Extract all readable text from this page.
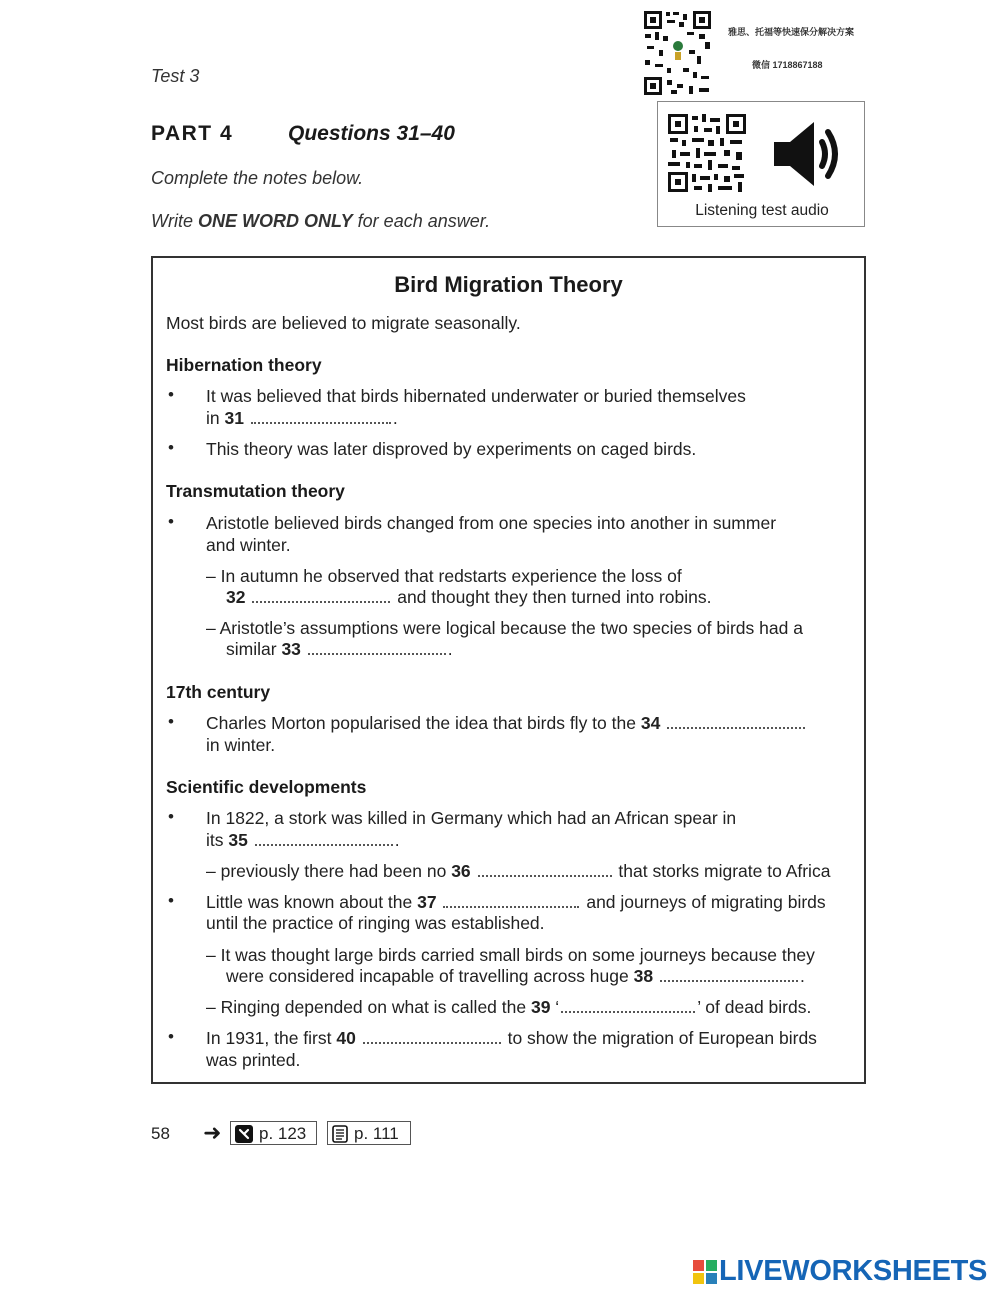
Test 3
PART 4	Questions 31–40
Complete the notes below.
Write ONE WORD ONLY for each answer.
雅思、托福等快速保分解决方案
微信 1718867188
Listening test audio
Bird Migration Theory
Most birds are believed to migrate seasonally.
Hibernation theory
• It was believed that birds hibernated underwater or buried themselves
in 31	.
• This theory was later disproved by experiments on caged birds.
Transmutation theory
• Aristotle believed birds changed from one species into another in summer
and winter.
– In autumn he observed that redstarts experience the loss of
32	and thought they then turned into robins.
– Aristotle’s assumptions were logical because the two species of birds had a
similar 33	.
17th century
• Charles Morton popularised the idea that birds fly to the 34
in winter.
Scientific developments
• In 1822, a stork was killed in Germany which had an African spear in
its 35	.
– previously there had been no 36	that storks migrate to Africa
• Little was known about the 37	and journeys of migrating birds
until the practice of ringing was established.
– It was thought large birds carried small birds on some journeys because they
were considered incapable of travelling across huge 38	.
– Ringing depended on what is called the 39 ‘	’ of dead birds.
• In 1931, the first 40	to show the migration of European birds
was printed.
58 ➜ p. 123	p. 111
LIVEWORKSHEETS
